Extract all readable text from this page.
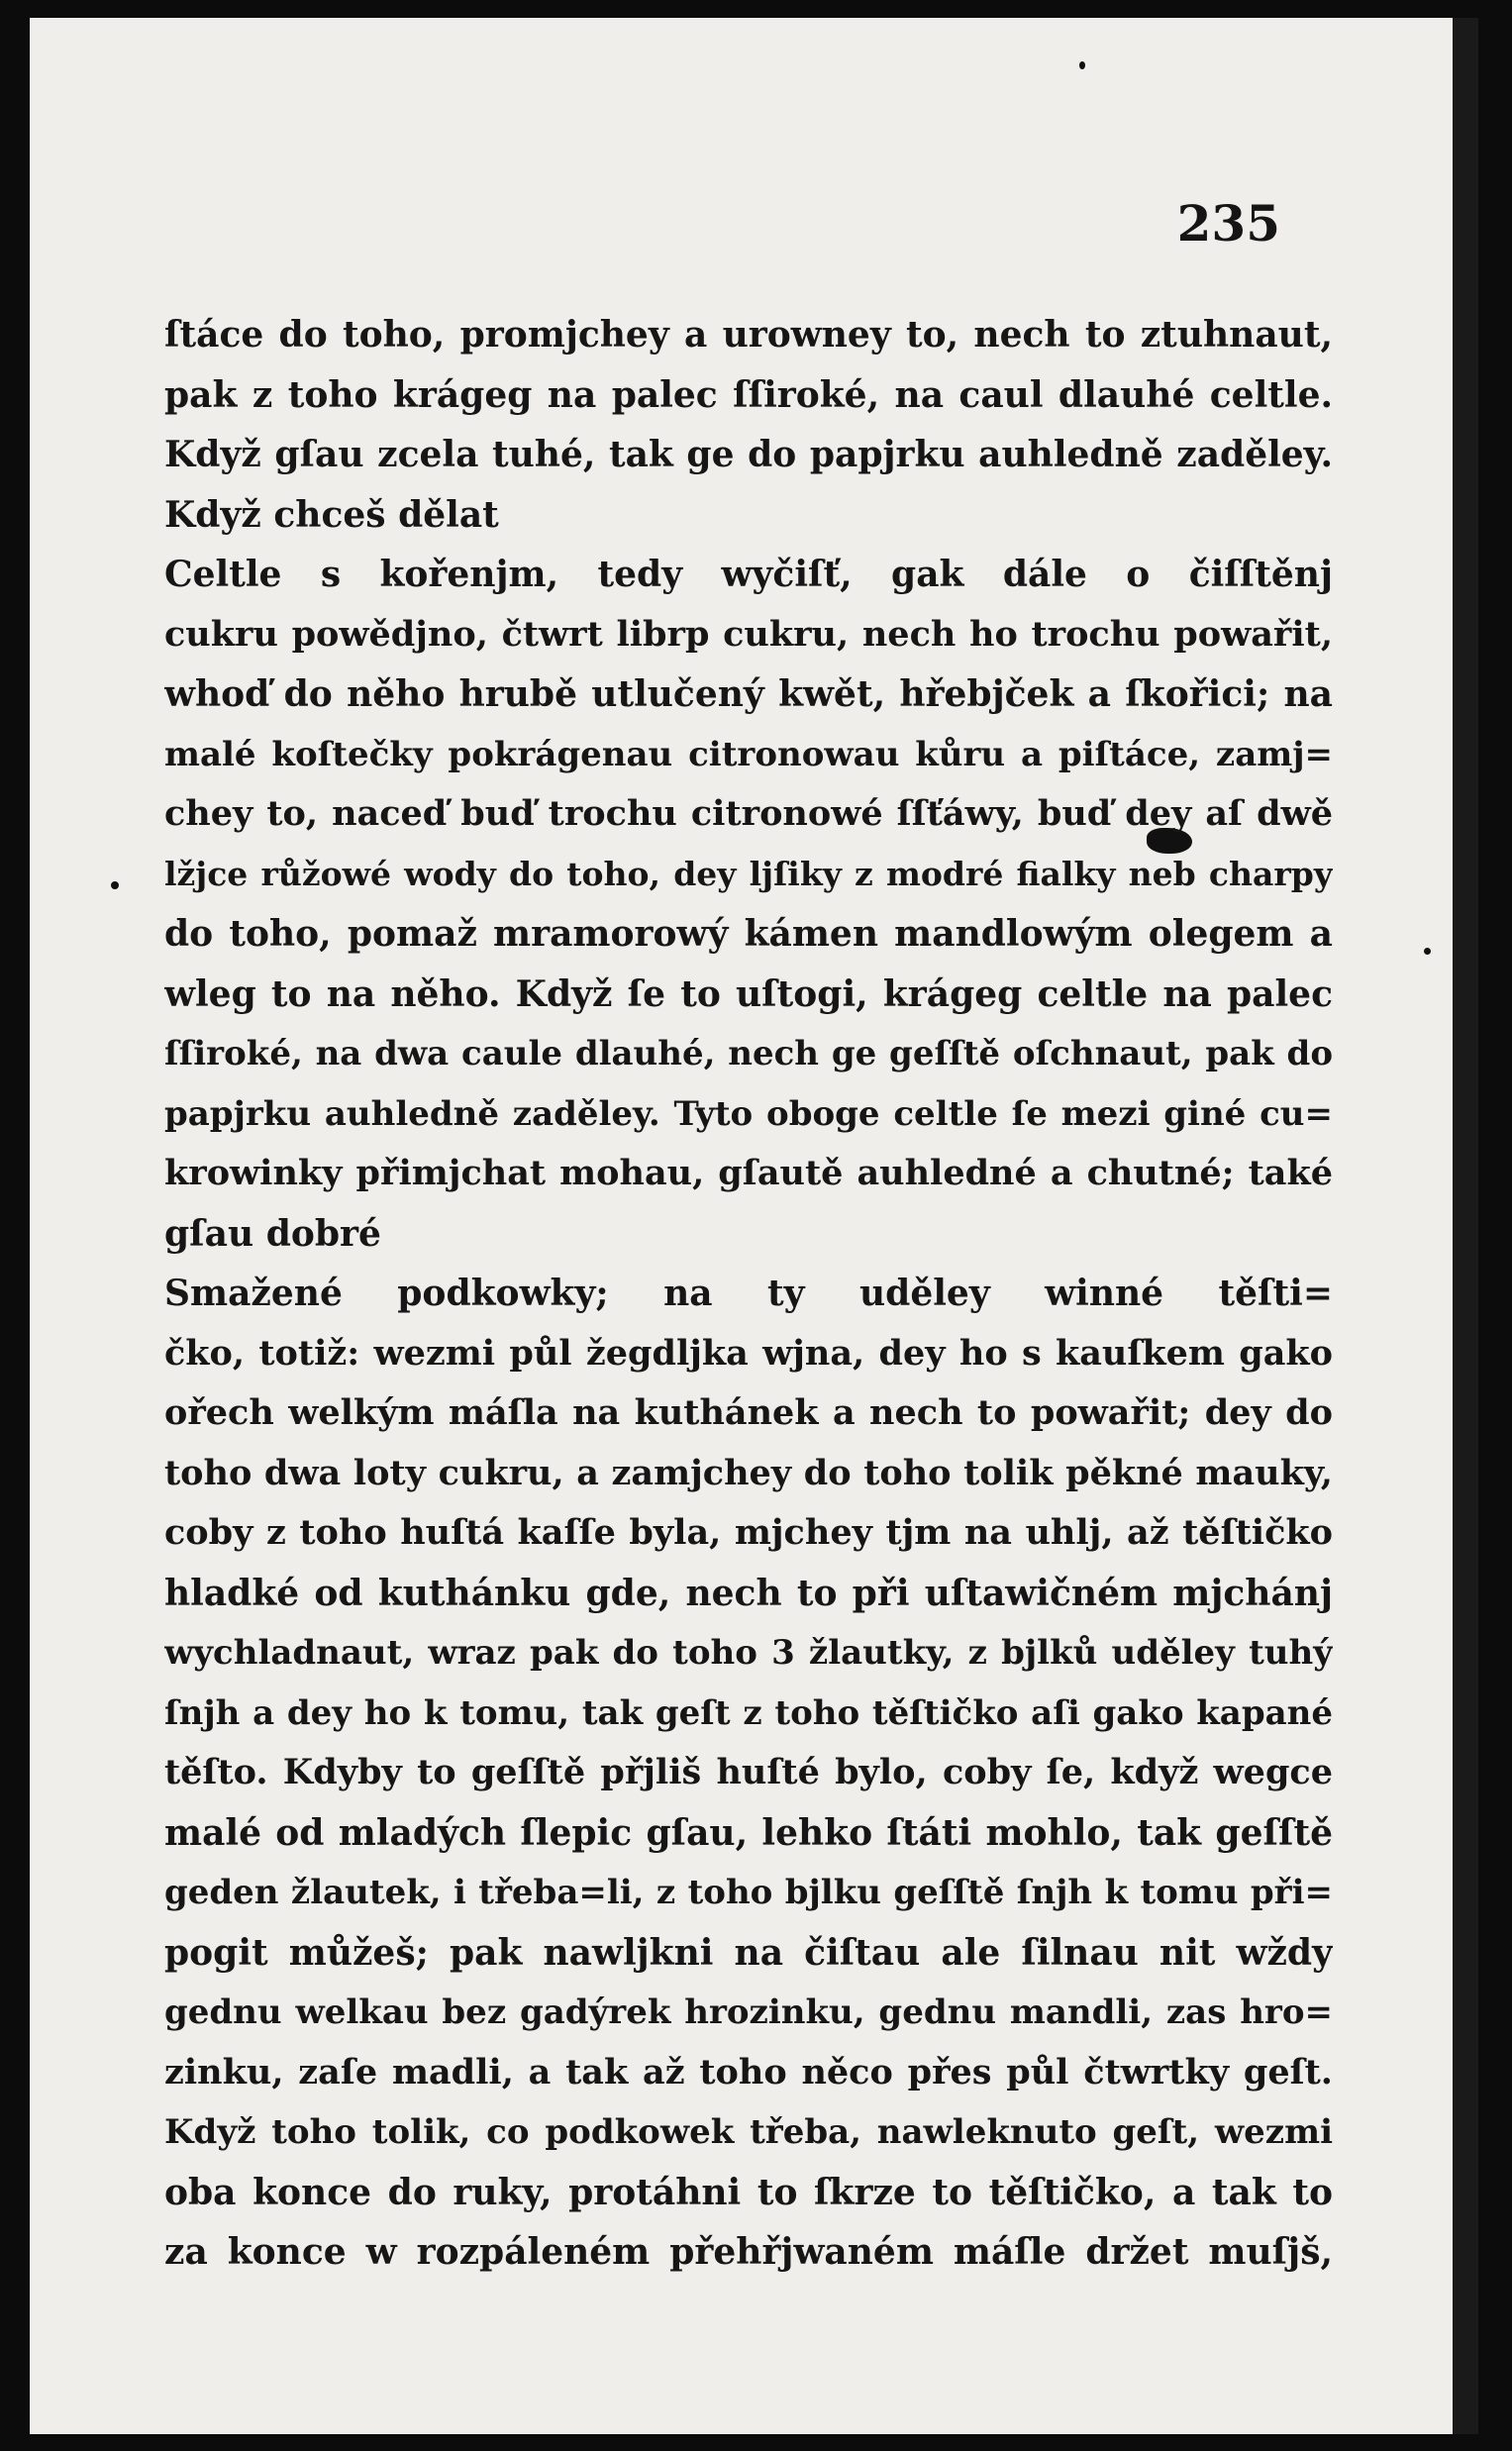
235

ſtáce do toho, promjchey a urowney to, nech to ztuhnaut,
pak z toho krágeg na palec ſſiroké, na caul dlauhé celtle.
Když gſau zcela tuhé, tak ge do papjrku auhledně zaděley.
Když chceš dělat
Celtle s kořenjm, tedy wyčiſť, gak dále o čiſſtěnj
cukru powědjno, čtwrt librp cukru, nech ho trochu powařit,
whoď do něho hrubě utlučený kwět, hřebjček a ſkořici; na
malé koſtečky pokrágenau citronowau kůru a piſtáce, zamj=
chey to, naceď buď trochu citronowé ſſťáwy, buď dey aſ dwě
lžjce růžowé wody do toho, dey ljſiky z modré fialky neb charpy
do toho, pomaž mramorowý kámen mandlowým olegem a
wleg to na něho. Když ſe to uſtogi, krágeg celtle na palec
ſſiroké, na dwa caule dlauhé, nech ge geſſtě oſchnaut, pak do
papjrku auhledně zaděley. Tyto oboge celtle ſe mezi giné cu=
krowinky přimjchat mohau, gſautě auhledné a chutné; také
gſau dobré
Smažené podkowky; na ty uděley winné těſti=
čko, totiž: wezmi půl žegdljka wjna, dey ho s kauſkem gako
ořech welkým máſla na kuthánek a nech to powařit; dey do
toho dwa loty cukru, a zamjchey do toho tolik pěkné mauky,
coby z toho huſtá kaſſe byla, mjchey tjm na uhlj, až těſtičko
hladké od kuthánku gde, nech to při uſtawičném mjchánj
wychladnaut, wraz pak do toho 3 žlautky, z bjlků uděley tuhý
ſnjh a dey ho k tomu, tak geſt z toho těſtičko aſi gako kapané
těſto. Kdyby to geſſtě přjliš huſté bylo, coby ſe, když wegce
malé od mladých ſlepic gſau, lehko ſtáti mohlo, tak geſſtě
geden žlautek, i třeba=li, z toho bjlku geſſtě ſnjh k tomu při=
pogit můžeš; pak nawljkni na čiſtau ale ſilnau nit wždy
gednu welkau bez gadýrek hrozinku, gednu mandli, zas hro=
zinku, zaſe madli, a tak až toho něco přes půl čtwrtky geſt.
Když toho tolik, co podkowek třeba, nawleknuto geſt, wezmi
oba konce do ruky, protáhni to ſkrze to těſtičko, a tak to
za konce w rozpáleném přehřjwaném máſle držet muſjš,
